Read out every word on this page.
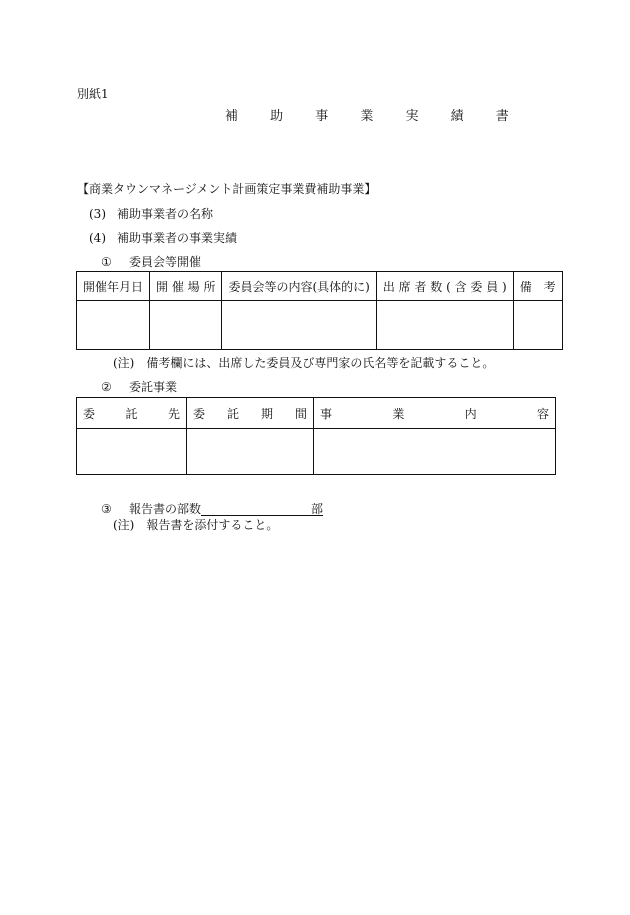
別紙1
補 助 事 業 実 績 書
【商業タウンマネージメント計画策定事業費補助事業】
(3) 補助事業者の名称
(4) 補助事業者の事業実績
① 委員会等開催
開催年月日	開 催 場 所	委員会等の内容(具体的に)	出 席 者 数 ( 含 委 員 )	備　考

(注)　備考欄には、出席した委員及び専門家の氏名等を記載すること。
② 委託事業
委 託 先	委 託 期 間	事 業 内 容

③ 報告書の部数	部
(注)　報告書を添付すること。
